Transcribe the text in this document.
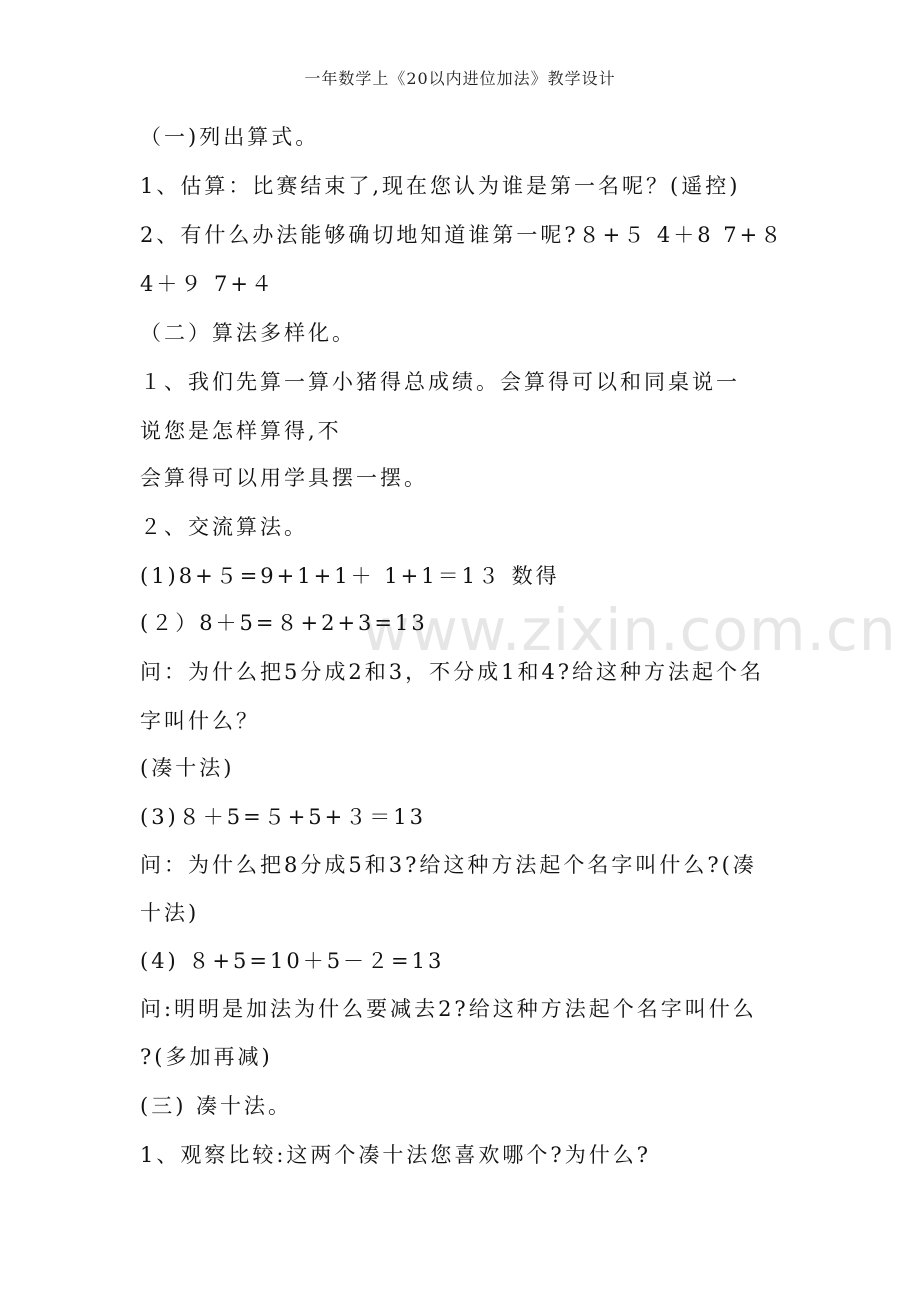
一年数学上《20以内进位加法》教学设计
www.zixin.com.cn
（一)列出算式。
1、估算：比赛结束了,现在您认为谁是第一名呢？(遥控)
2、有什么办法能够确切地知道谁第一呢?８+５ 4＋8 7+８
4＋９ 7+４
（二）算法多样化。
１、我们先算一算小猪得总成绩。会算得可以和同桌说一
说您是怎样算得,不
会算得可以用学具摆一摆。
２、交流算法。
(1)8+５=9+1+1＋ 1+1＝1３ 数得
(２）8＋5=８+2+3=13
问：为什么把5分成2和3，不分成1和4?给这种方法起个名
字叫什么？
(凑十法)
(3)８＋5=５+5+３＝13
问：为什么把8分成5和3?给这种方法起个名字叫什么?(凑
十法)
(4) ８+5=10＋5－２=13
问:明明是加法为什么要减去2?给这种方法起个名字叫什么
?(多加再减)
(三) 凑十法。
1、观察比较:这两个凑十法您喜欢哪个?为什么?
